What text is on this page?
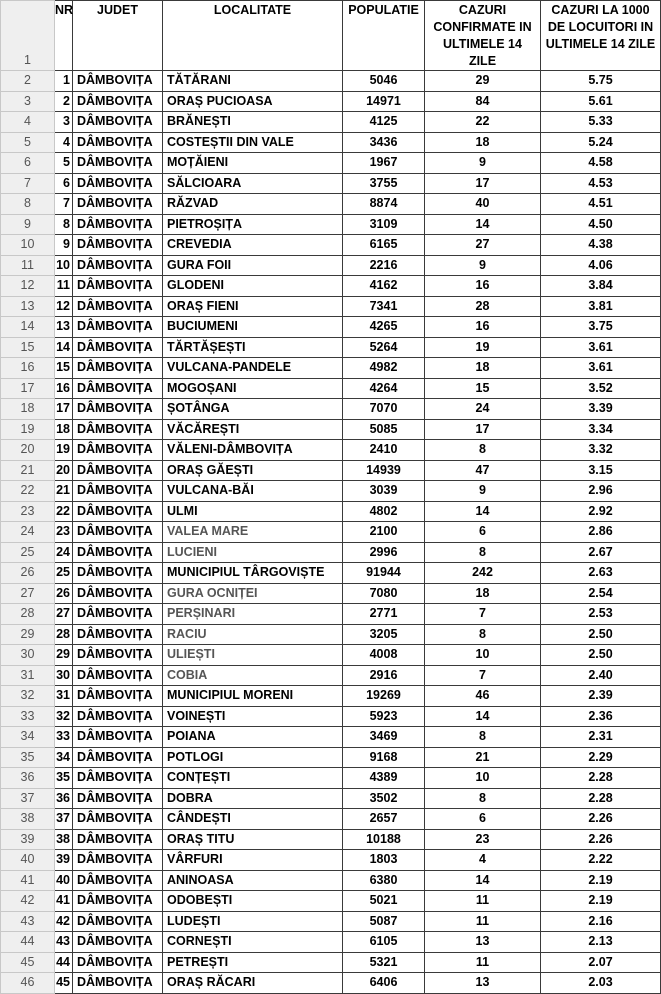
1	NR	JUDET	LOCALITATE	POPULATIE	CAZURI CONFIRMATE IN ULTIMELE 14 ZILE	CAZURI LA 1000 DE LOCUITORI IN ULTIMELE 14 ZILE
2	1	DÂMBOVIȚA	TĂTĂRANI	5046	29	5.75
3	2	DÂMBOVIȚA	ORAȘ PUCIOASA	14971	84	5.61
4	3	DÂMBOVIȚA	BRĂNEȘTI	4125	22	5.33
5	4	DÂMBOVIȚA	COSTEȘTII DIN VALE	3436	18	5.24
6	5	DÂMBOVIȚA	MOȚĂIENI	1967	9	4.58
7	6	DÂMBOVIȚA	SĂLCIOARA	3755	17	4.53
8	7	DÂMBOVIȚA	RĂZVAD	8874	40	4.51
9	8	DÂMBOVIȚA	PIETROȘIȚA	3109	14	4.50
10	9	DÂMBOVIȚA	CREVEDIA	6165	27	4.38
11	10	DÂMBOVIȚA	GURA FOII	2216	9	4.06
12	11	DÂMBOVIȚA	GLODENI	4162	16	3.84
13	12	DÂMBOVIȚA	ORAȘ FIENI	7341	28	3.81
14	13	DÂMBOVIȚA	BUCIUMENI	4265	16	3.75
15	14	DÂMBOVIȚA	TĂRTĂȘEȘTI	5264	19	3.61
16	15	DÂMBOVIȚA	VULCANA-PANDELE	4982	18	3.61
17	16	DÂMBOVIȚA	MOGOȘANI	4264	15	3.52
18	17	DÂMBOVIȚA	ȘOTÂNGA	7070	24	3.39
19	18	DÂMBOVIȚA	VĂCĂREȘTI	5085	17	3.34
20	19	DÂMBOVIȚA	VĂLENI-DÂMBOVIȚA	2410	8	3.32
21	20	DÂMBOVIȚA	ORAȘ GĂEȘTI	14939	47	3.15
22	21	DÂMBOVIȚA	VULCANA-BĂI	3039	9	2.96
23	22	DÂMBOVIȚA	ULMI	4802	14	2.92
24	23	DÂMBOVIȚA	VALEA MARE	2100	6	2.86
25	24	DÂMBOVIȚA	LUCIENI	2996	8	2.67
26	25	DÂMBOVIȚA	MUNICIPIUL TÂRGOVIȘTE	91944	242	2.63
27	26	DÂMBOVIȚA	GURA OCNIȚEI	7080	18	2.54
28	27	DÂMBOVIȚA	PERȘINARI	2771	7	2.53
29	28	DÂMBOVIȚA	RACIU	3205	8	2.50
30	29	DÂMBOVIȚA	ULIEȘTI	4008	10	2.50
31	30	DÂMBOVIȚA	COBIA	2916	7	2.40
32	31	DÂMBOVIȚA	MUNICIPIUL MORENI	19269	46	2.39
33	32	DÂMBOVIȚA	VOINEȘTI	5923	14	2.36
34	33	DÂMBOVIȚA	POIANA	3469	8	2.31
35	34	DÂMBOVIȚA	POTLOGI	9168	21	2.29
36	35	DÂMBOVIȚA	CONȚEȘTI	4389	10	2.28
37	36	DÂMBOVIȚA	DOBRA	3502	8	2.28
38	37	DÂMBOVIȚA	CÂNDEȘTI	2657	6	2.26
39	38	DÂMBOVIȚA	ORAȘ TITU	10188	23	2.26
40	39	DÂMBOVIȚA	VÂRFURI	1803	4	2.22
41	40	DÂMBOVIȚA	ANINOASA	6380	14	2.19
42	41	DÂMBOVIȚA	ODOBEȘTI	5021	11	2.19
43	42	DÂMBOVIȚA	LUDEȘTI	5087	11	2.16
44	43	DÂMBOVIȚA	CORNEȘTI	6105	13	2.13
45	44	DÂMBOVIȚA	PETREȘTI	5321	11	2.07
46	45	DÂMBOVIȚA	ORAȘ RĂCARI	6406	13	2.03
